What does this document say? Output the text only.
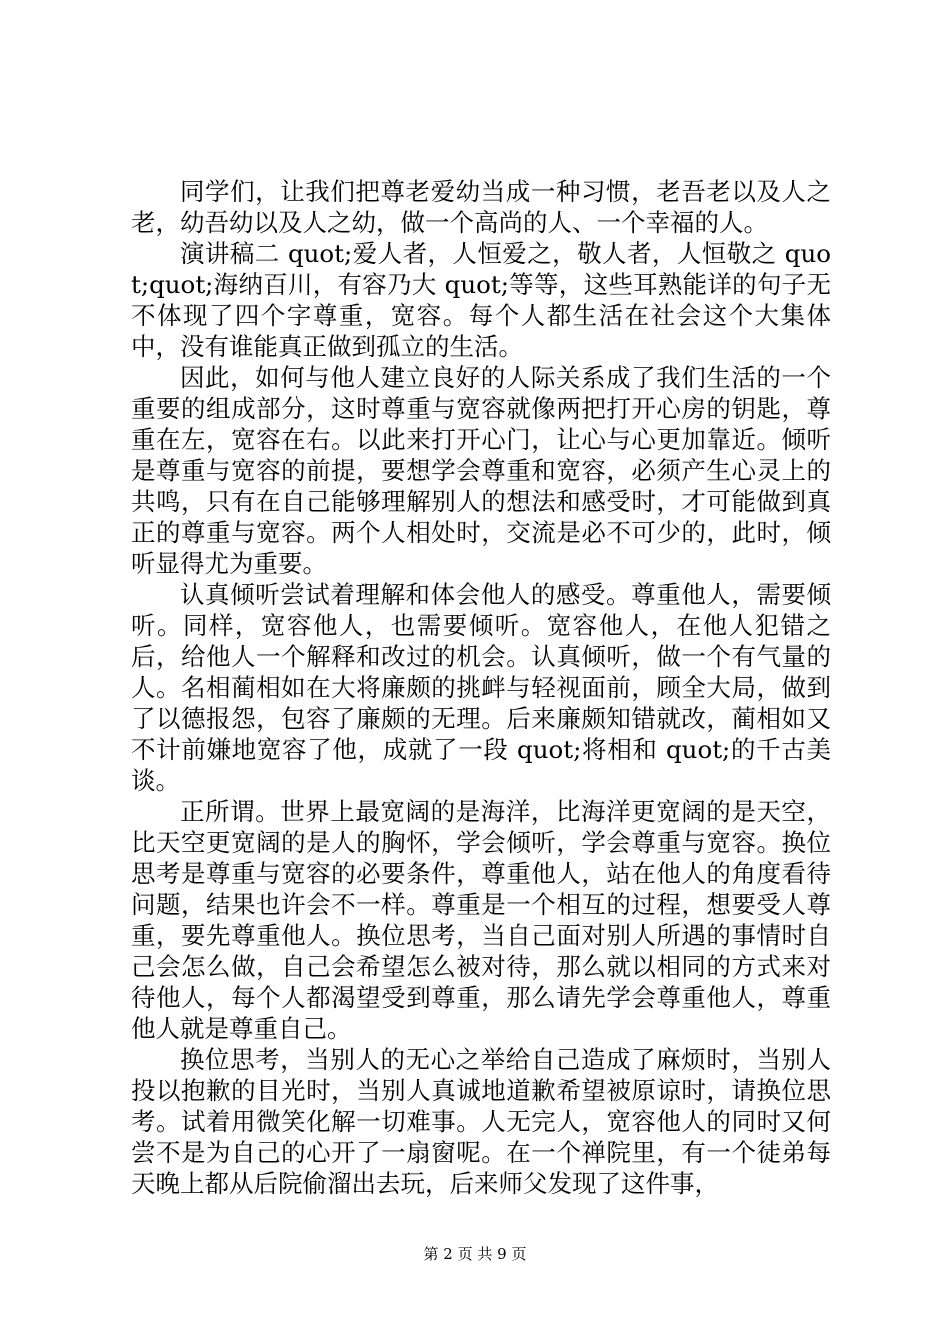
同学们，让我们把尊老爱幼当成一种习惯，老吾老以及人之老，幼吾幼以及人之幼，做一个高尚的人、一个幸福的人。

演讲稿二 quot;爱人者，人恒爱之，敬人者，人恒敬之 quot;quot;海纳百川，有容乃大 quot;等等，这些耳熟能详的句子无不体现了四个字尊重，宽容。每个人都生活在社会这个大集体中，没有谁能真正做到孤立的生活。

因此，如何与他人建立良好的人际关系成了我们生活的一个重要的组成部分，这时尊重与宽容就像两把打开心房的钥匙，尊重在左，宽容在右。以此来打开心门，让心与心更加靠近。倾听是尊重与宽容的前提，要想学会尊重和宽容，必须产生心灵上的共鸣，只有在自己能够理解别人的想法和感受时，才可能做到真正的尊重与宽容。两个人相处时，交流是必不可少的，此时，倾听显得尤为重要。

认真倾听尝试着理解和体会他人的感受。尊重他人，需要倾听。同样，宽容他人，也需要倾听。宽容他人，在他人犯错之后，给他人一个解释和改过的机会。认真倾听，做一个有气量的人。名相蔺相如在大将廉颇的挑衅与轻视面前，顾全大局，做到了以德报怨，包容了廉颇的无理。后来廉颇知错就改，蔺相如又不计前嫌地宽容了他，成就了一段 quot;将相和 quot;的千古美谈。

正所谓。世界上最宽阔的是海洋，比海洋更宽阔的是天空，比天空更宽阔的是人的胸怀，学会倾听，学会尊重与宽容。换位思考是尊重与宽容的必要条件，尊重他人，站在他人的角度看待问题，结果也许会不一样。尊重是一个相互的过程，想要受人尊重，要先尊重他人。换位思考，当自己面对别人所遇的事情时自己会怎么做，自己会希望怎么被对待，那么就以相同的方式来对待他人，每个人都渴望受到尊重，那么请先学会尊重他人，尊重他人就是尊重自己。

换位思考，当别人的无心之举给自己造成了麻烦时，当别人投以抱歉的目光时，当别人真诚地道歉希望被原谅时，请换位思考。试着用微笑化解一切难事。人无完人，宽容他人的同时又何尝不是为自己的心开了一扇窗呢。在一个禅院里，有一个徒弟每天晚上都从后院偷溜出去玩，后来师父发现了这件事，

第 2 页 共 9 页
